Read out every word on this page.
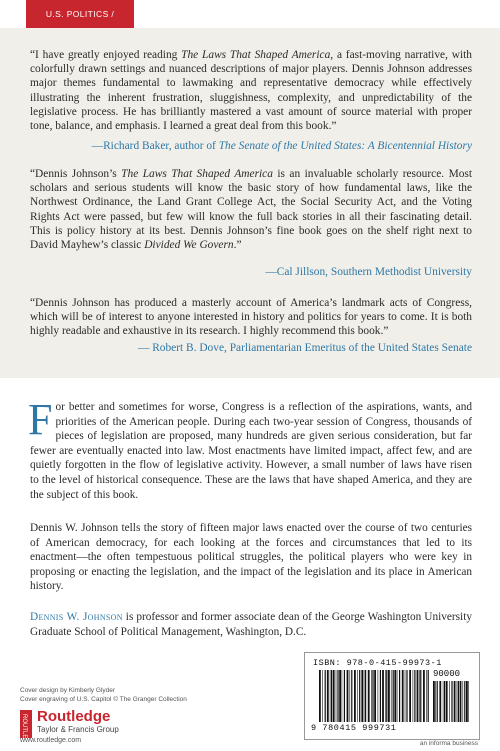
U.S. POLITICS /
“I have greatly enjoyed reading The Laws That Shaped America, a fast-moving narrative, with colorfully drawn settings and nuanced descriptions of major players. Dennis Johnson addresses major themes fundamental to lawmaking and representative democracy while effectively illustrating the inherent frustration, sluggishness, complexity, and unpredictability of the legislative process. He has brilliantly mastered a vast amount of source material with proper tone, balance, and emphasis. I learned a great deal from this book.”
—Richard Baker, author of The Senate of the United States: A Bicentennial History
“Dennis Johnson’s The Laws That Shaped America is an invaluable scholarly resource. Most scholars and serious students will know the basic story of how fundamental laws, like the Northwest Ordinance, the Land Grant College Act, the Social Security Act, and the Voting Rights Act were passed, but few will know the full back stories in all their fascinating detail. This is policy history at its best. Dennis Johnson’s fine book goes on the shelf right next to David Mayhew’s classic Divided We Govern.”
—Cal Jillson, Southern Methodist University
“Dennis Johnson has produced a masterly account of America’s landmark acts of Congress, which will be of interest to anyone interested in history and politics for years to come. It is both highly readable and exhaustive in its research. I highly recommend this book.”
— Robert B. Dove, Parliamentarian Emeritus of the United States Senate
For better and sometimes for worse, Congress is a reflection of the aspirations, wants, and priorities of the American people. During each two-year session of Congress, thousands of pieces of legislation are proposed, many hundreds are given serious consideration, but far fewer are eventually enacted into law. Most enactments have limited impact, affect few, and are quietly forgotten in the flow of legislative activity. However, a small number of laws have risen to the level of historical consequence. These are the laws that have shaped America, and they are the subject of this book.
Dennis W. Johnson tells the story of fifteen major laws enacted over the course of two centuries of American democracy, for each looking at the forces and circumstances that led to its enactment—the often tempestuous political struggles, the political players who were key in proposing or enacting the legislation, and the impact of the legislation and its place in American history.
Dennis W. Johnson is professor and former associate dean of the George Washington University Graduate School of Political Management, Washington, D.C.
Cover design by Kimberly Glyder
Cover engraving of U.S. Capitol © The Granger Collection
ROUTLEDGE Routledge
Taylor & Francis Group
www.routledge.com
ISBN: 978-0-415-99973-1
90000
9 780415 999731
an informa business
